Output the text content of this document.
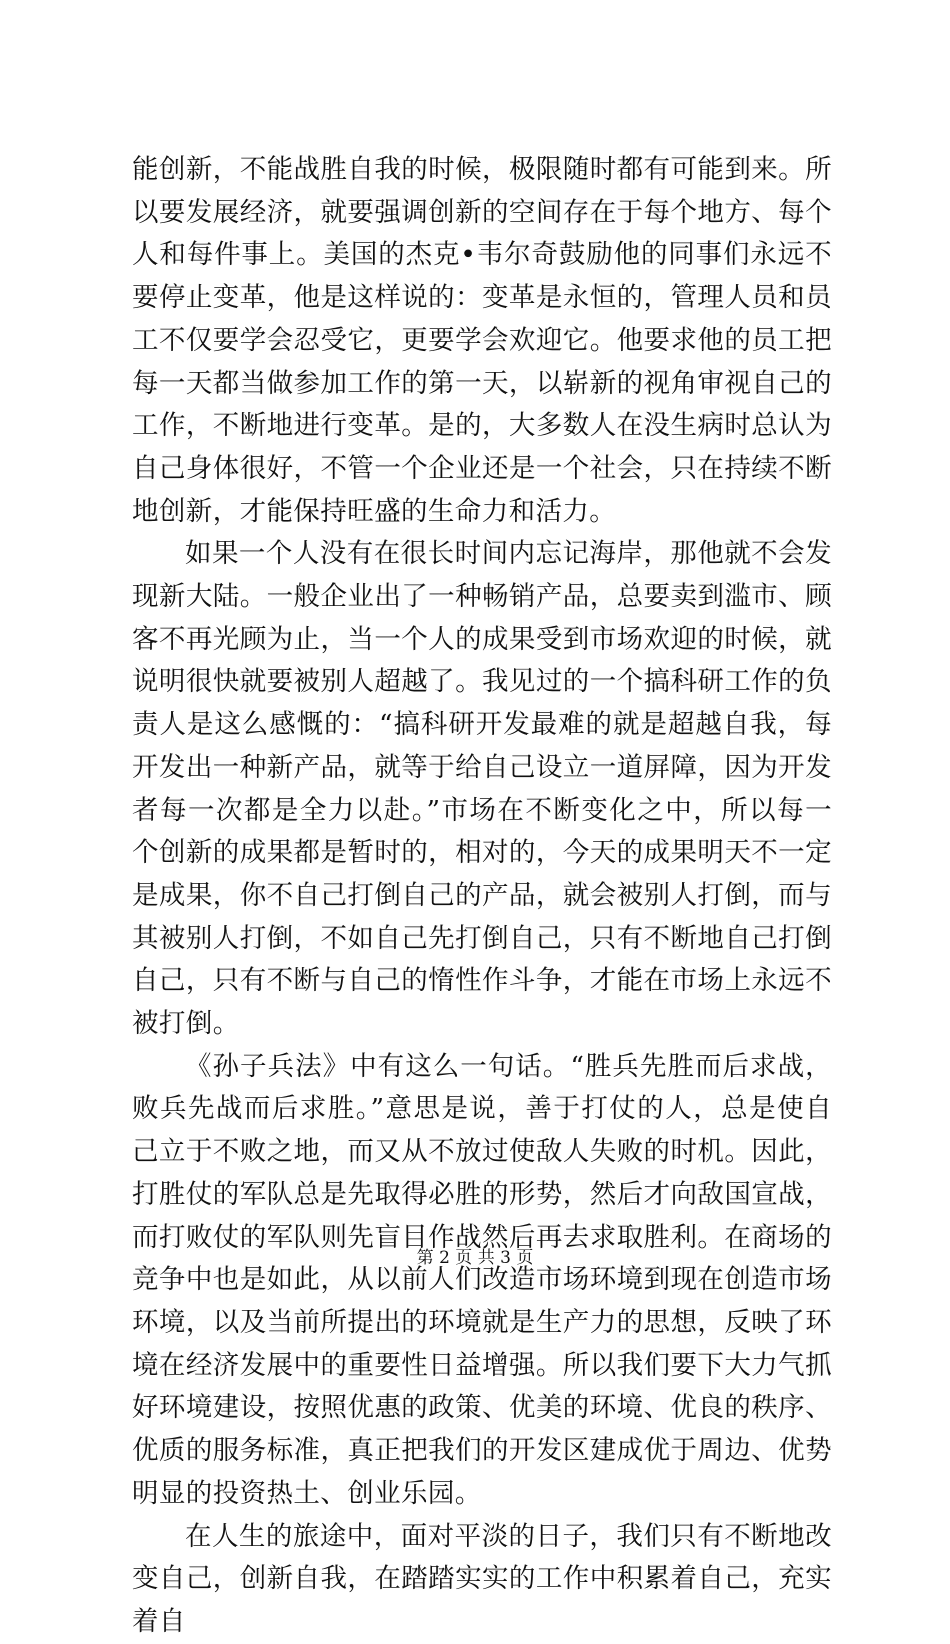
能创新，不能战胜自我的时候，极限随时都有可能到来。所以要发展经济，就要强调创新的空间存在于每个地方、每个人和每件事上。美国的杰克•韦尔奇鼓励他的同事们永远不要停止变革，他是这样说的：变革是永恒的，管理人员和员工不仅要学会忍受它，更要学会欢迎它。他要求他的员工把每一天都当做参加工作的第一天，以崭新的视角审视自己的工作，不断地进行变革。是的，大多数人在没生病时总认为自己身体很好，不管一个企业还是一个社会，只在持续不断地创新，才能保持旺盛的生命力和活力。

如果一个人没有在很长时间内忘记海岸，那他就不会发现新大陆。一般企业出了一种畅销产品，总要卖到滥市、顾客不再光顾为止，当一个人的成果受到市场欢迎的时候，就说明很快就要被别人超越了。我见过的一个搞科研工作的负责人是这么感慨的：“搞科研开发最难的就是超越自我，每开发出一种新产品，就等于给自己设立一道屏障，因为开发者每一次都是全力以赴。”市场在不断变化之中，所以每一个创新的成果都是暂时的，相对的，今天的成果明天不一定是成果，你不自己打倒自己的产品，就会被别人打倒，而与其被别人打倒，不如自己先打倒自己，只有不断地自己打倒自己，只有不断与自己的惰性作斗争，才能在市场上永远不被打倒。

《孙子兵法》中有这么一句话。“胜兵先胜而后求战，败兵先战而后求胜。”意思是说，善于打仗的人，总是使自己立于不败之地，而又从不放过使敌人失败的时机。因此，打胜仗的军队总是先取得必胜的形势，然后才向敌国宣战，而打败仗的军队则先盲目作战然后再去求取胜利。在商场的竞争中也是如此，从以前人们改造市场环境到现在创造市场环境，以及当前所提出的环境就是生产力的思想，反映了环境在经济发展中的重要性日益增强。所以我们要下大力气抓好环境建设，按照优惠的政策、优美的环境、优良的秩序、优质的服务标准，真正把我们的开发区建成优于周边、优势明显的投资热土、创业乐园。

在人生的旅途中，面对平淡的日子，我们只有不断地改变自己，创新自我，在踏踏实实的工作中积累着自己，充实着自

第 2 页 共 3 页
